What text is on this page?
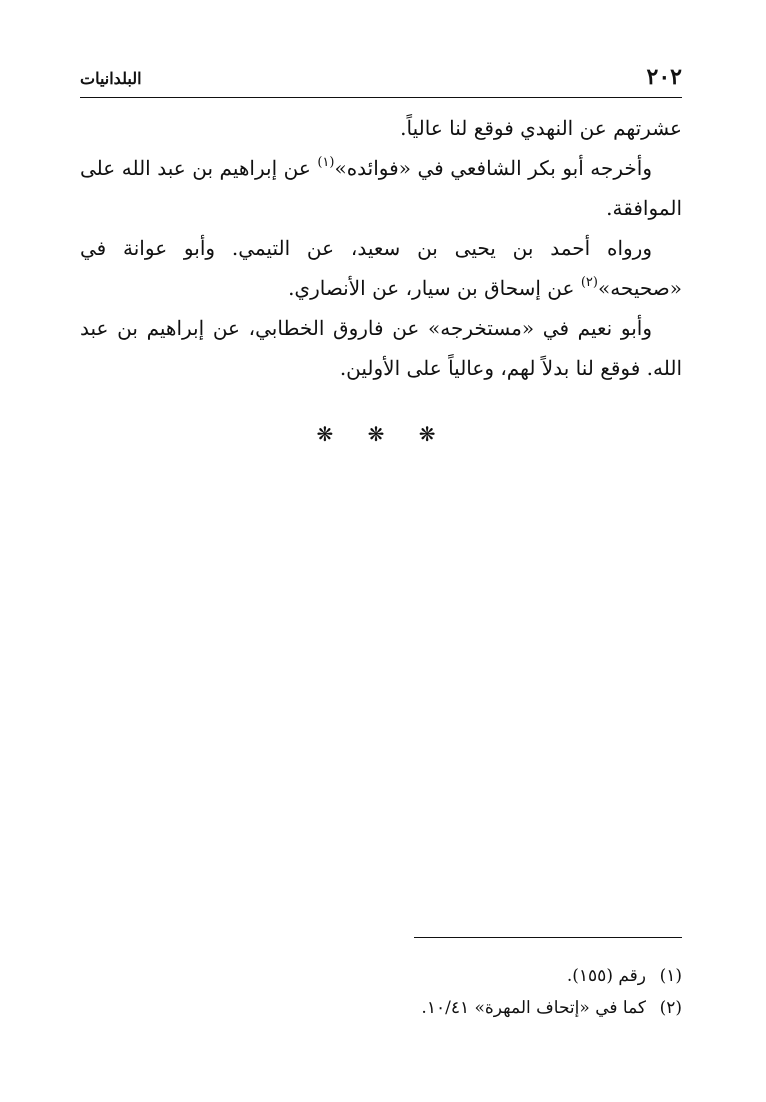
٢٠٢
البلدانيات

عشرتهم عن النهدي فوقع لنا عالياً.

وأخرجه أبو بكر الشافعي في «فوائده»$^{(١)}$ عن إبراهيم بن عبد الله على الموافقة.

ورواه أحمد بن يحيى بن سعيد، عن التيمي. وأبو عوانة في «صحيحه»$^{(٢)}$ عن إسحاق بن سيار، عن الأنصاري.

وأبو نعيم في «مستخرجه» عن فاروق الخطابي، عن إبراهيم بن عبد الله. فوقع لنا بدلاً لهم، وعالياً على الأولين.

❋ ❋ ❋
(١)رقم (١٥٥).
(٢)كما في «إتحاف المهرة» ١٠/٤١.
